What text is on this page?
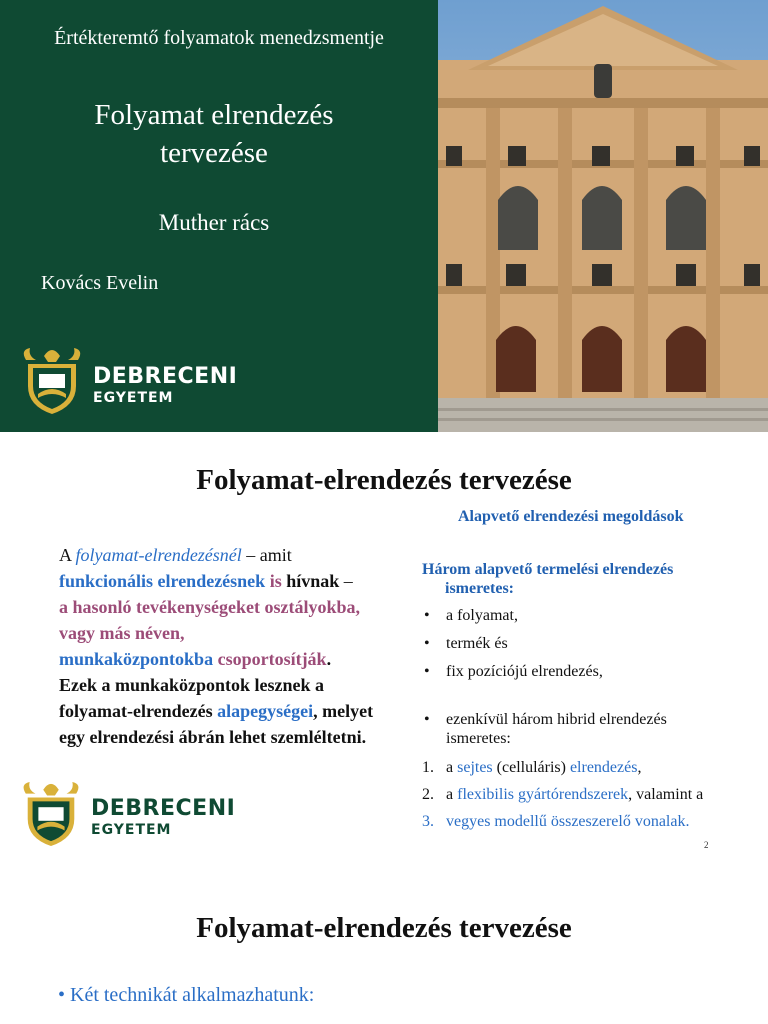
Értékteremtő folyamatok menedzsmentje
Folyamat elrendezés
tervezése
Muther rács
Kovács Evelin
DEBRECENI
EGYETEM
Folyamat-elrendezés tervezése
Alapvető elrendezési megoldások
A folyamat-elrendezésnél – amit
funkcionális elrendezésnek is hívnak –
a hasonló tevékenységeket osztályokba, vagy más néven,
munkaközpontokba csoportosítják.
Ezek a munkaközpontok lesznek a folyamat-elrendezés alapegységei, melyet egy elrendezési ábrán lehet szemléltetni.
Három alapvető termelési elrendezés
ismeretes:
• a folyamat,
• termék és
• fix pozíciójú elrendezés,
• ezenkívül három hibrid elrendezés
ismeretes:
1. a sejtes (celluláris) elrendezés,
2. a flexibilis gyártórendszerek, valamint a
3. vegyes modellű összeszerelő vonalak.
DEBRECENI
EGYETEM
2
Folyamat-elrendezés tervezése
• Két technikát alkalmazhatunk:
